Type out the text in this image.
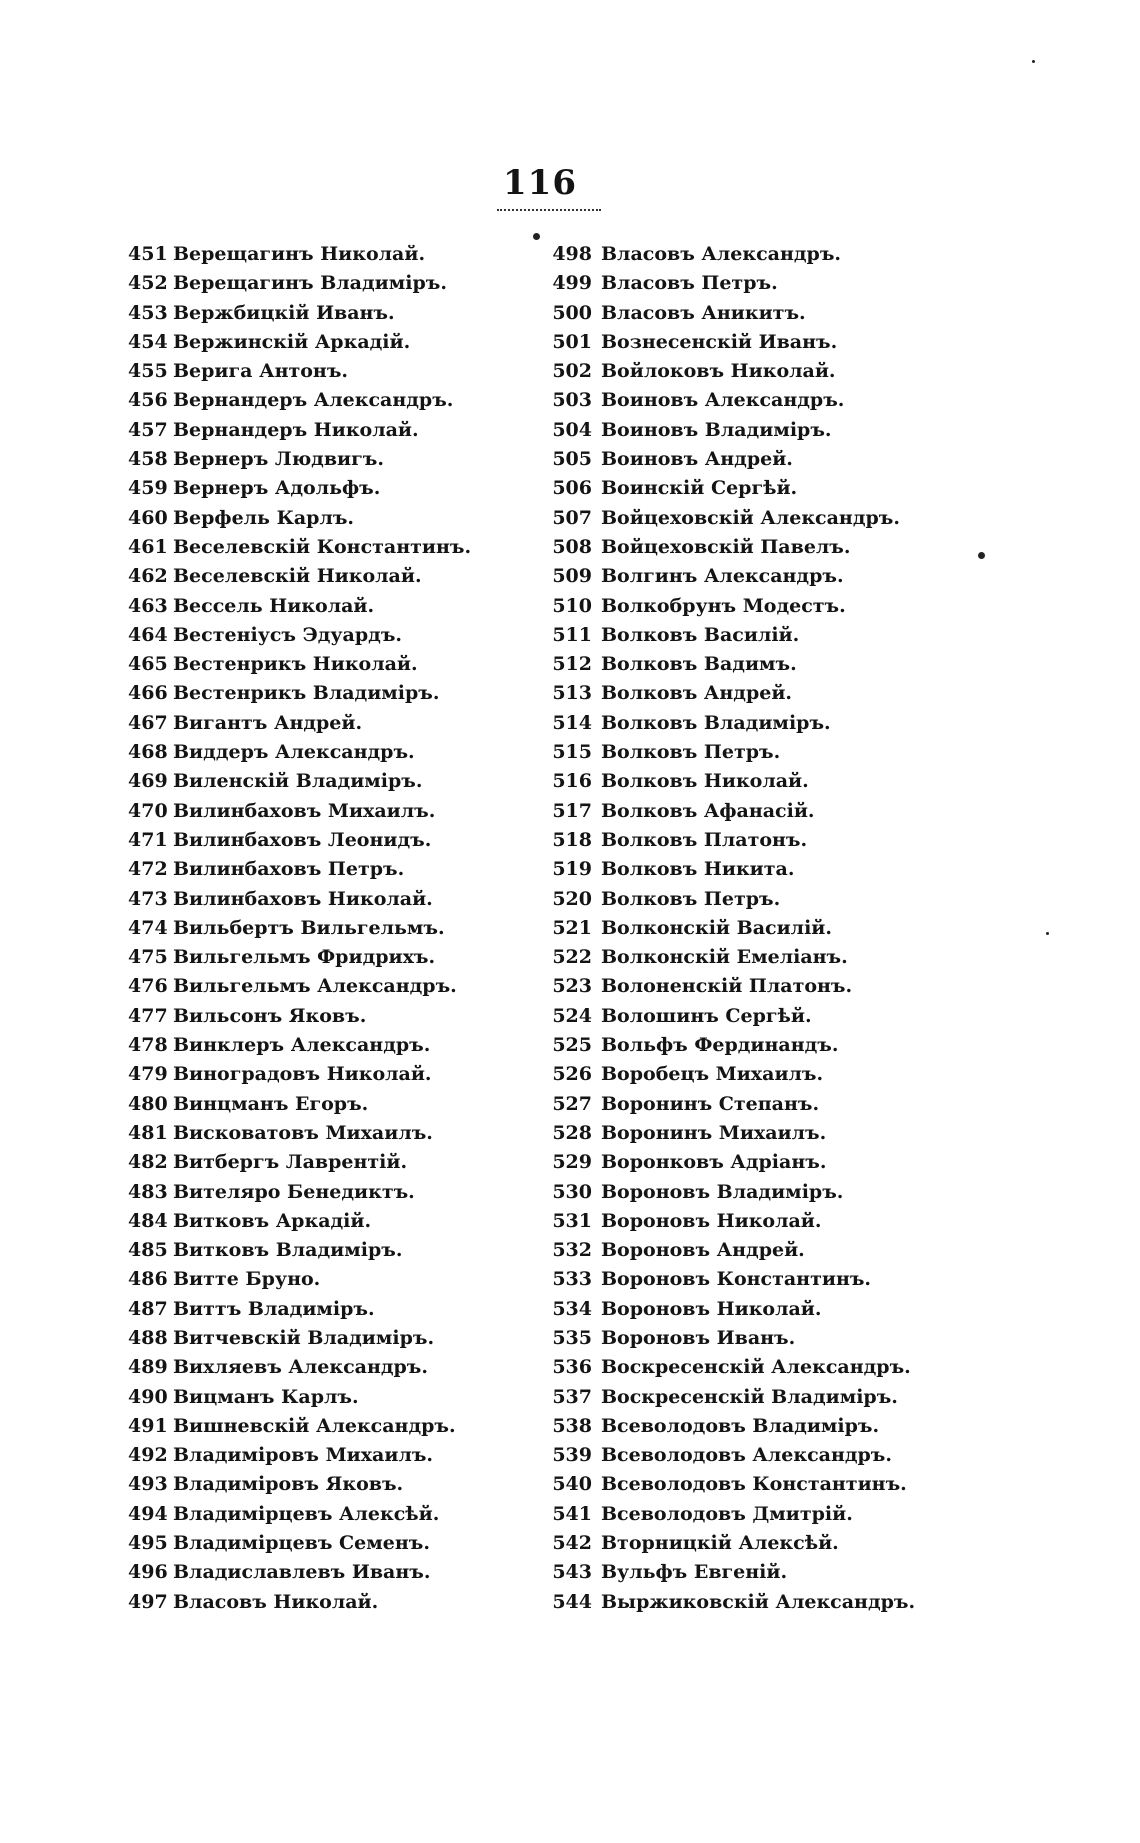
116
451 Верещагинъ Николай.
452 Верещагинъ Владимiръ.
453 Вержбицкiй Иванъ.
454 Вержинскiй Аркадiй.
455 Верига Антонъ.
456 Вернандеръ Александръ.
457 Вернандеръ Николай.
458 Вернеръ Людвигъ.
459 Вернеръ Адольфъ.
460 Верфель Карлъ.
461 Веселевскiй Константинъ.
462 Веселевскiй Николай.
463 Вессель Николай.
464 Вестенiусъ Эдуардъ.
465 Вестенрикъ Николай.
466 Вестенрикъ Владимiръ.
467 Вигантъ Андрей.
468 Виддеръ Александръ.
469 Виленскiй Владимiръ.
470 Вилинбаховъ Михаилъ.
471 Вилинбаховъ Леонидъ.
472 Вилинбаховъ Петръ.
473 Вилинбаховъ Николай.
474 Вильбертъ Вильгельмъ.
475 Вильгельмъ Фридрихъ.
476 Вильгельмъ Александръ.
477 Вильсонъ Яковъ.
478 Винклеръ Александръ.
479 Виноградовъ Николай.
480 Винцманъ Егоръ.
481 Висковатовъ Михаилъ.
482 Витбергъ Лаврентiй.
483 Вителяро Бенедиктъ.
484 Витковъ Аркадiй.
485 Витковъ Владимiръ.
486 Витте Бруно.
487 Виттъ Владимiръ.
488 Витчевскiй Владимiръ.
489 Вихляевъ Александръ.
490 Вицманъ Карлъ.
491 Вишневскiй Александръ.
492 Владимiровъ Михаилъ.
493 Владимiровъ Яковъ.
494 Владимiрцевъ Алексѣй.
495 Владимiрцевъ Семенъ.
496 Владиславлевъ Иванъ.
497 Власовъ Николай.
498 Власовъ Александръ.
499 Власовъ Петръ.
500 Власовъ Аникитъ.
501 Вознесенскiй Иванъ.
502 Войлоковъ Николай.
503 Воиновъ Александръ.
504 Воиновъ Владимiръ.
505 Воиновъ Андрей.
506 Воинскiй Сергѣй.
507 Войцеховскiй Александръ.
508 Войцеховскiй Павелъ.
509 Волгинъ Александръ.
510 Волкобрунъ Модестъ.
511 Волковъ Василiй.
512 Волковъ Вадимъ.
513 Волковъ Андрей.
514 Волковъ Владимiръ.
515 Волковъ Петръ.
516 Волковъ Николай.
517 Волковъ Афанасiй.
518 Волковъ Платонъ.
519 Волковъ Никита.
520 Волковъ Петръ.
521 Волконскiй Василiй.
522 Волконскiй Емелiанъ.
523 Волоненскiй Платонъ.
524 Волошинъ Сергѣй.
525 Вольфъ Фердинандъ.
526 Воробецъ Михаилъ.
527 Воронинъ Степанъ.
528 Воронинъ Михаилъ.
529 Воронковъ Адрiанъ.
530 Вороновъ Владимiръ.
531 Вороновъ Николай.
532 Вороновъ Андрей.
533 Вороновъ Константинъ.
534 Вороновъ Николай.
535 Вороновъ Иванъ.
536 Воскресенскiй Александръ.
537 Воскресенскiй Владимiръ.
538 Всеволодовъ Владимiръ.
539 Всеволодовъ Александръ.
540 Всеволодовъ Константинъ.
541 Всеволодовъ Дмитрiй.
542 Вторницкiй Алексѣй.
543 Вульфъ Евгенiй.
544 Выржиковскiй Александръ.
